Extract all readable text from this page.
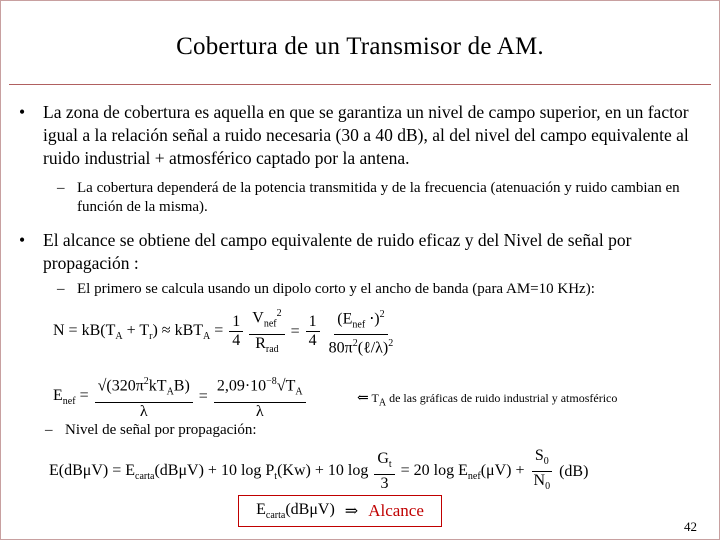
Cobertura de un Transmisor de AM.
• La zona de cobertura es aquella en que se garantiza un nivel de campo superior, en un factor igual a la relación señal a ruido necesaria (30 a 40 dB), al del nivel del campo equivalente al ruido industrial + atmosférico captado por la antena.
– La cobertura dependerá de la potencia transmitida y de la frecuencia (atenuación y ruido cambian en función de la misma).
• El alcance se obtiene del campo equivalente de ruido eficaz y del Nivel de señal por propagación :
– El primero se calcula usando un dipolo corto y el ancho de banda (para AM=10 KHz):
$N = kB(T_A + T_r) \approx kBT_A = \frac{1}{4} \frac{V_{nef}^2}{R_{rad}} = \frac{1}{4} \frac{(E_{nef} \cdot)^2}{80\pi^2(\ell/\lambda)^2}$
$E_{nef} = \frac{√(320\pi^2kT_AB)}{\lambda} = \frac{2,09\cdot 10^{-8}√T_A}{\lambda}$	⇐ $T_A$ de las gráficas de ruido industrial y atmosférico
– Nivel de señal por propagación:
$E(dB\mu V) = E_{carta}(dB\mu V) + 10$ $\log P_t(Kw) + 10$ $\log \frac{G_t}{3} = 20$ $\log E_{nef}(\mu V) + \frac{S_0}{N_0} (dB)$
$E_{carta}(dB\mu V)$ ⇒ Alcance
42
